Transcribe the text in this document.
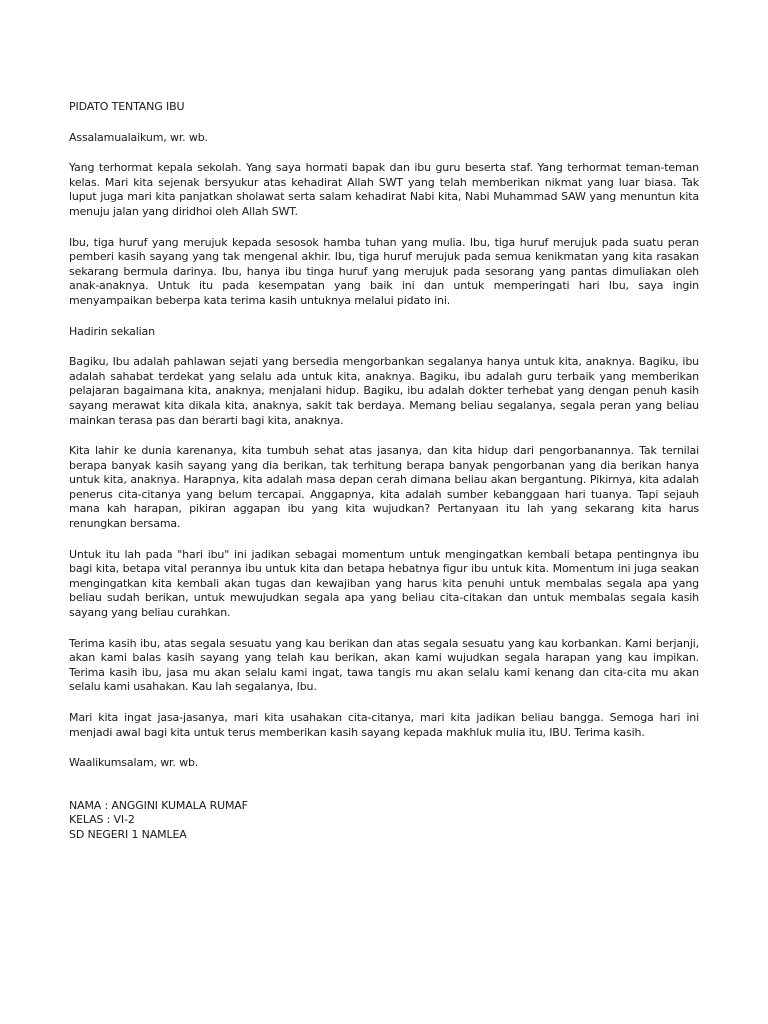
PIDATO TENTANG IBU

Assalamualaikum, wr. wb.

Yang terhormat kepala sekolah. Yang saya hormati bapak dan ibu guru beserta staf. Yang terhormat teman-teman kelas. Mari kita sejenak bersyukur atas kehadirat Allah SWT yang telah memberikan nikmat yang luar biasa. Tak luput juga mari kita panjatkan sholawat serta salam kehadirat Nabi kita, Nabi Muhammad SAW yang menuntun kita menuju jalan yang diridhoi oleh Allah SWT.

Ibu, tiga huruf yang merujuk kepada sesosok hamba tuhan yang mulia. Ibu, tiga huruf merujuk pada suatu peran pemberi kasih sayang yang tak mengenal akhir. Ibu, tiga huruf merujuk pada semua kenikmatan yang kita rasakan sekarang bermula darinya. Ibu, hanya ibu tinga huruf yang merujuk pada sesorang yang pantas dimuliakan oleh anak-anaknya. Untuk itu pada kesempatan yang baik ini dan untuk memperingati hari Ibu, saya ingin menyampaikan beberpa kata terima kasih untuknya melalui pidato ini.

Hadirin sekalian

Bagiku, Ibu adalah pahlawan sejati yang bersedia mengorbankan segalanya hanya untuk kita, anaknya. Bagiku, ibu adalah sahabat terdekat yang selalu ada untuk kita, anaknya. Bagiku, ibu adalah guru terbaik yang memberikan pelajaran bagaimana kita, anaknya, menjalani hidup. Bagiku, ibu adalah dokter terhebat yang dengan penuh kasih sayang merawat kita dikala kita, anaknya, sakit tak berdaya. Memang beliau segalanya, segala peran yang beliau mainkan terasa pas dan berarti bagi kita, anaknya.

Kita lahir ke dunia karenanya, kita tumbuh sehat atas jasanya, dan kita hidup dari pengorbanannya. Tak ternilai berapa banyak kasih sayang yang dia berikan, tak terhitung berapa banyak pengorbanan yang dia berikan hanya untuk kita, anaknya. Harapnya, kita adalah masa depan cerah dimana beliau akan bergantung. Pikirnya, kita adalah penerus cita-citanya yang belum tercapai. Anggapnya, kita adalah sumber kebanggaan hari tuanya. Tapi sejauh mana kah harapan, pikiran aggapan ibu yang kita wujudkan? Pertanyaan itu lah yang sekarang kita harus renungkan bersama.

Untuk itu lah pada "hari ibu" ini jadikan sebagai momentum untuk mengingatkan kembali betapa pentingnya ibu bagi kita, betapa vital perannya ibu untuk kita dan betapa hebatnya figur ibu untuk kita. Momentum ini juga seakan mengingatkan kita kembali akan tugas dan kewajiban yang harus kita penuhi untuk membalas segala apa yang beliau sudah berikan, untuk mewujudkan segala apa yang beliau cita-citakan dan untuk membalas segala kasih sayang yang beliau curahkan.

Terima kasih ibu, atas segala sesuatu yang kau berikan dan atas segala sesuatu yang kau korbankan. Kami berjanji, akan kami balas kasih sayang yang telah kau berikan, akan kami wujudkan segala harapan yang kau impikan. Terima kasih ibu, jasa mu akan selalu kami ingat, tawa tangis mu akan selalu kami kenang dan cita-cita mu akan selalu kami usahakan. Kau lah segalanya, Ibu.

Mari kita ingat jasa-jasanya, mari kita usahakan cita-citanya, mari kita jadikan beliau bangga. Semoga hari ini menjadi awal bagi kita untuk terus memberikan kasih sayang kepada makhluk mulia itu, IBU. Terima kasih.

Waalikumsalam, wr. wb.

NAMA : ANGGINI KUMALA RUMAF

KELAS : VI-2

SD NEGERI 1 NAMLEA
